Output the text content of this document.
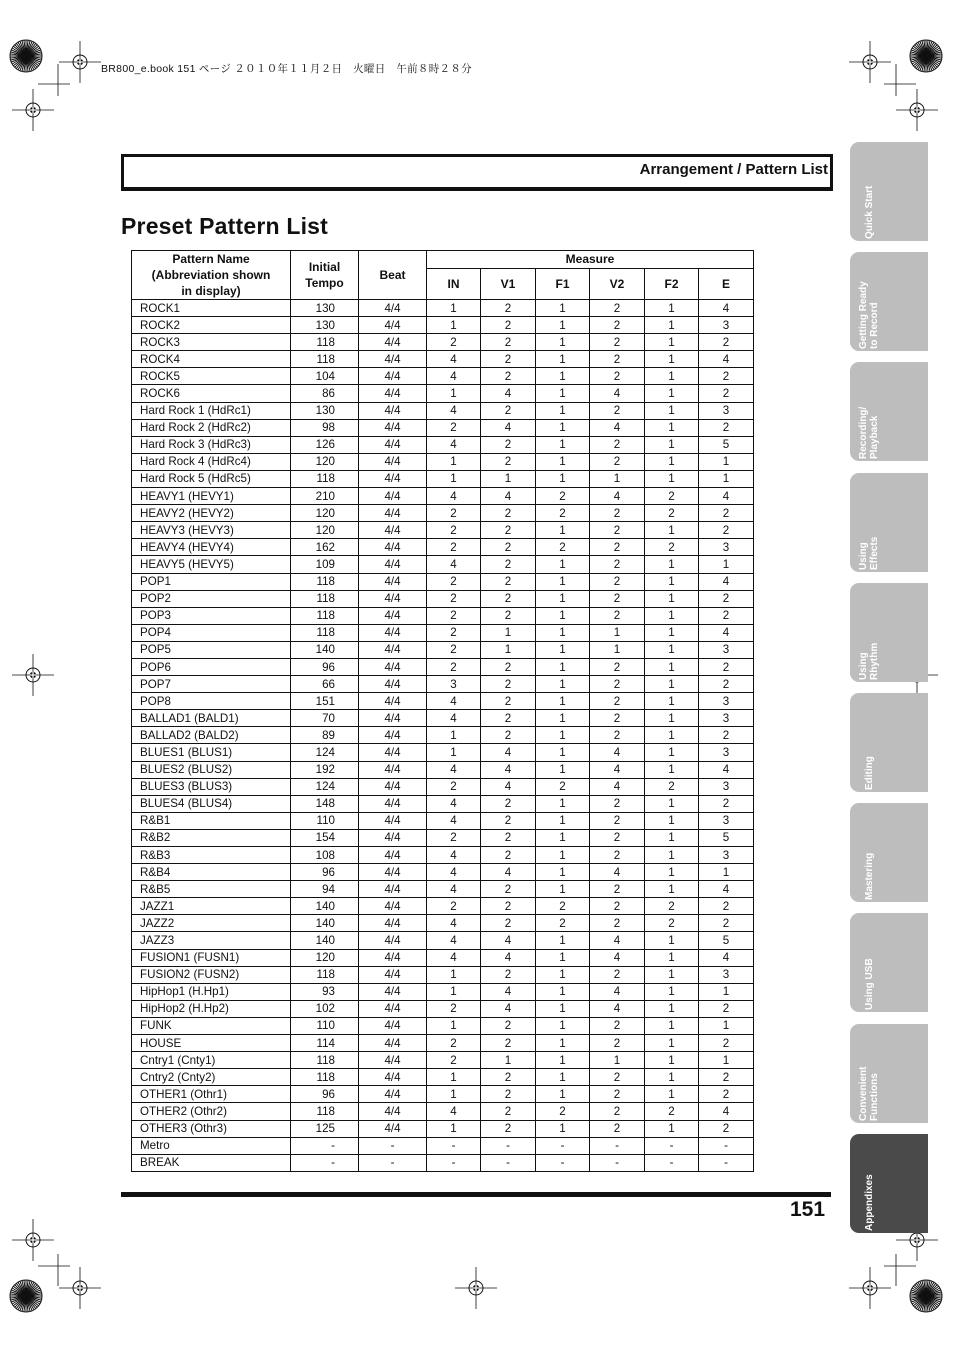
BR800_e.book 151 ページ ２０１０年１１月２日　火曜日　午前８時２８分
Arrangement / Pattern List
Preset Pattern List
Pattern Name
(Abbreviation shown
in display)	Initial
Tempo	Beat	Measure					
			IN	V1	F1	V2	F2	E
ROCK1	130	4/4	1	2	1	2	1	4
ROCK2	130	4/4	1	2	1	2	1	3
ROCK3	118	4/4	2	2	1	2	1	2
ROCK4	118	4/4	4	2	1	2	1	4
ROCK5	104	4/4	4	2	1	2	1	2
ROCK6	86	4/4	1	4	1	4	1	2
Hard Rock 1 (HdRc1)	130	4/4	4	2	1	2	1	3
Hard Rock 2 (HdRc2)	98	4/4	2	4	1	4	1	2
Hard Rock 3 (HdRc3)	126	4/4	4	2	1	2	1	5
Hard Rock 4 (HdRc4)	120	4/4	1	2	1	2	1	1
Hard Rock 5 (HdRc5)	118	4/4	1	1	1	1	1	1
HEAVY1 (HEVY1)	210	4/4	4	4	2	4	2	4
HEAVY2 (HEVY2)	120	4/4	2	2	2	2	2	2
HEAVY3 (HEVY3)	120	4/4	2	2	1	2	1	2
HEAVY4 (HEVY4)	162	4/4	2	2	2	2	2	3
HEAVY5 (HEVY5)	109	4/4	4	2	1	2	1	1
POP1	118	4/4	2	2	1	2	1	4
POP2	118	4/4	2	2	1	2	1	2
POP3	118	4/4	2	2	1	2	1	2
POP4	118	4/4	2	1	1	1	1	4
POP5	140	4/4	2	1	1	1	1	3
POP6	96	4/4	2	2	1	2	1	2
POP7	66	4/4	3	2	1	2	1	2
POP8	151	4/4	4	2	1	2	1	3
BALLAD1 (BALD1)	70	4/4	4	2	1	2	1	3
BALLAD2 (BALD2)	89	4/4	1	2	1	2	1	2
BLUES1 (BLUS1)	124	4/4	1	4	1	4	1	3
BLUES2 (BLUS2)	192	4/4	4	4	1	4	1	4
BLUES3 (BLUS3)	124	4/4	2	4	2	4	2	3
BLUES4 (BLUS4)	148	4/4	4	2	1	2	1	2
R&B1	110	4/4	4	2	1	2	1	3
R&B2	154	4/4	2	2	1	2	1	5
R&B3	108	4/4	4	2	1	2	1	3
R&B4	96	4/4	4	4	1	4	1	1
R&B5	94	4/4	4	2	1	2	1	4
JAZZ1	140	4/4	2	2	2	2	2	2
JAZZ2	140	4/4	4	2	2	2	2	2
JAZZ3	140	4/4	4	4	1	4	1	5
FUSION1 (FUSN1)	120	4/4	4	4	1	4	1	4
FUSION2 (FUSN2)	118	4/4	1	2	1	2	1	3
HipHop1 (H.Hp1)	93	4/4	1	4	1	4	1	1
HipHop2 (H.Hp2)	102	4/4	2	4	1	4	1	2
FUNK	110	4/4	1	2	1	2	1	1
HOUSE	114	4/4	2	2	1	2	1	2
Cntry1 (Cnty1)	118	4/4	2	1	1	1	1	1
Cntry2 (Cnty2)	118	4/4	1	2	1	2	1	2
OTHER1 (Othr1)	96	4/4	1	2	1	2	1	2
OTHER2 (Othr2)	118	4/4	4	2	2	2	2	4
OTHER3 (Othr3)	125	4/4	1	2	1	2	1	2
Metro	-	-	-	-	-	-	-	-
BREAK	-	-	-	-	-	-	-	-
151
Quick Start
Getting Ready
to Record
Recording/
Playback
Using
Effects
Using
Rhythm
Editing
Mastering
Using USB
Convenient
Functions
Appendixes
